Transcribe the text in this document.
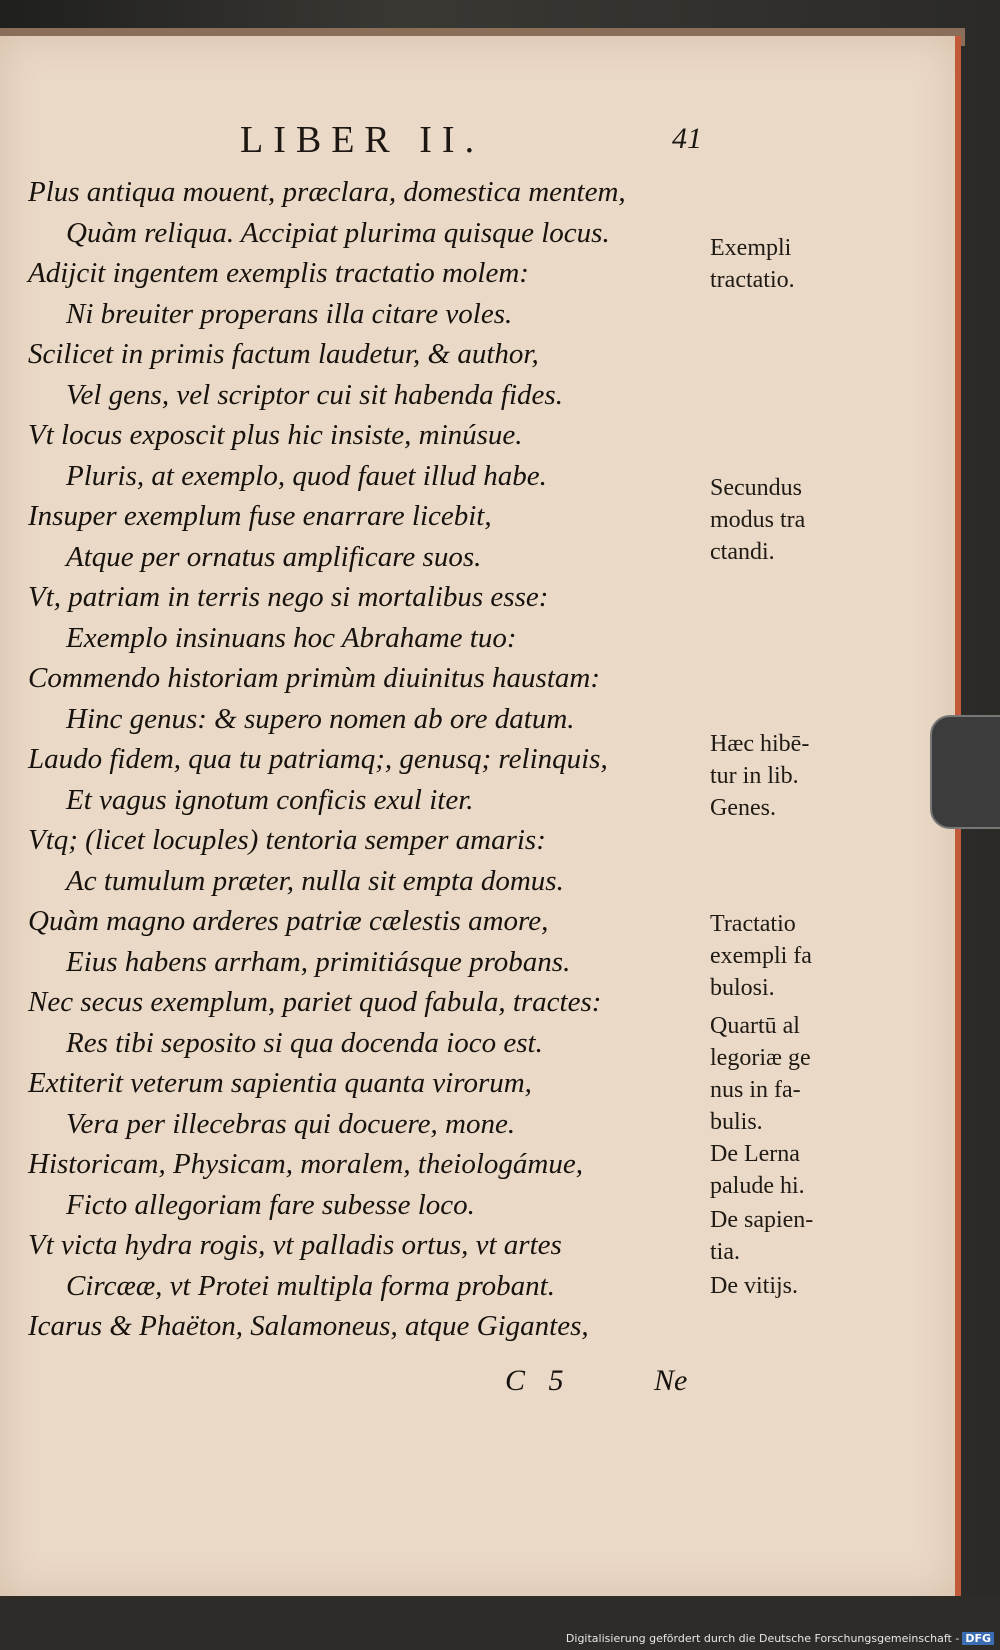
LIBER II.	41
Plus antiqua mouent, præclara, domestica mentem,
Quàm reliqua. Accipiat plurima quisque locus.
Adijcit ingentem exemplis tractatio molem:
Ni breuiter properans illa citare voles.
Scilicet in primis factum laudetur, & author,
Vel gens, vel scriptor cui sit habenda fides.
Vt locus exposcit plus hic insiste, minúsue.
Pluris, at exemplo, quod fauet illud habe.
Insuper exemplum fuse enarrare licebit,
Atque per ornatus amplificare suos.
Vt, patriam in terris nego si mortalibus esse:
Exemplo insinuans hoc Abrahame tuo:
Commendo historiam primùm diuinitus haustam:
Hinc genus: & supero nomen ab ore datum.
Laudo fidem, qua tu patriamq;, genusq; relinquis,
Et vagus ignotum conficis exul iter.
Vtq; (licet locuples) tentoria semper amaris:
Ac tumulum præter, nulla sit empta domus.
Quàm magno arderes patriæ cælestis amore,
Eius habens arrham, primitiásque probans.
Nec secus exemplum, pariet quod fabula, tractes:
Res tibi seposito si qua docenda ioco est.
Extiterit veterum sapientia quanta virorum,
Vera per illecebras qui docuere, mone.
Historicam, Physicam, moralem, theiologámue,
Ficto allegoriam fare subesse loco.
Vt victa hydra rogis, vt palladis ortus, vt artes
Circææ, vt Protei multipla forma probant.
Icarus & Phaëton, Salamoneus, atque Gigantes,
Exempli
tractatio.
Secundus
modus tra
ctandi.
Hæc hibē-
tur in lib.
Genes.
Tractatio
exempli fa
bulosi.
Quartū al
legoriæ ge
nus in fa-
bulis.
De Lerna
palude hi.
De sapien-
tia.
De vitijs.
C 5	Ne
Digitalisierung gefördert durch die Deutsche Forschungsgemeinschaft - DFG
